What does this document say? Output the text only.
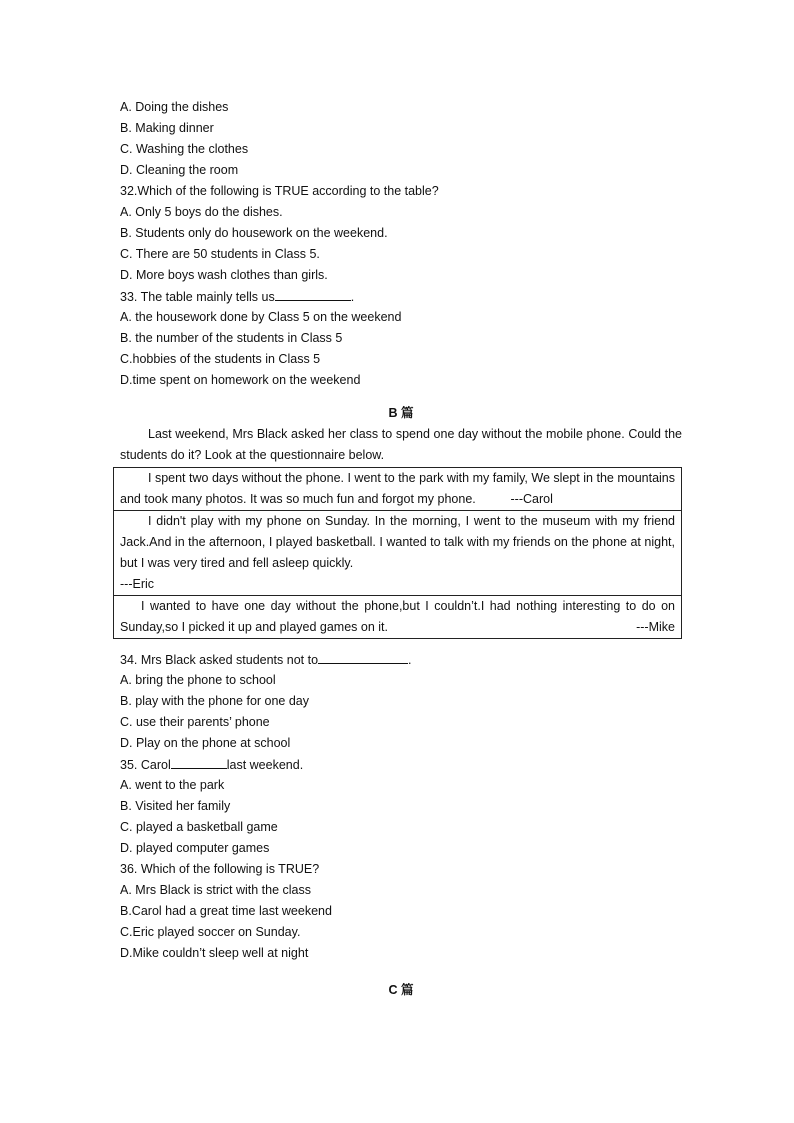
A. Doing the dishes
B. Making dinner
C. Washing the clothes
D. Cleaning the room
32.Which of the following is TRUE according to the table?
A. Only 5 boys do the dishes.
B. Students only do housework on the weekend.
C. There are 50 students in Class 5.
D. More boys wash clothes than girls.
33. The table mainly tells us	.
A. the housework done by Class 5 on the weekend
B. the number of the students in Class 5
C.hobbies of the students in Class 5
D.time spent on homework on the weekend
B 篇
Last weekend, Mrs Black asked her class to spend one day without the mobile phone. Could the students do it? Look at the questionnaire below.
I spent two days without the phone. I went to the park with my family, We slept in the mountains and took many photos. It was so much fun and forgot my phone.	---Carol
I didn't play with my phone on Sunday. In the morning, I went to the museum with my friend Jack.And in the afternoon, I played basketball. I wanted to talk with my friends on the phone at night, but I was very tired and fell asleep quickly.
---Eric
I wanted to have one day without the phone,but I couldn’t.I had nothing interesting to do on Sunday,so I picked it up and played games on it.	---Mike
34. Mrs Black asked students not to	.
A. bring the phone to school
B. play with the phone for one day
C. use their parents’ phone
D. Play on the phone at school
35. Carol	last weekend.
A. went to the park
B. Visited her family
C. played a basketball game
D. played computer games
36. Which of the following is TRUE?
A. Mrs Black is strict with the class
B.Carol had a great time last weekend
C.Eric played soccer on Sunday.
D.Mike couldn’t sleep well at night
C 篇
